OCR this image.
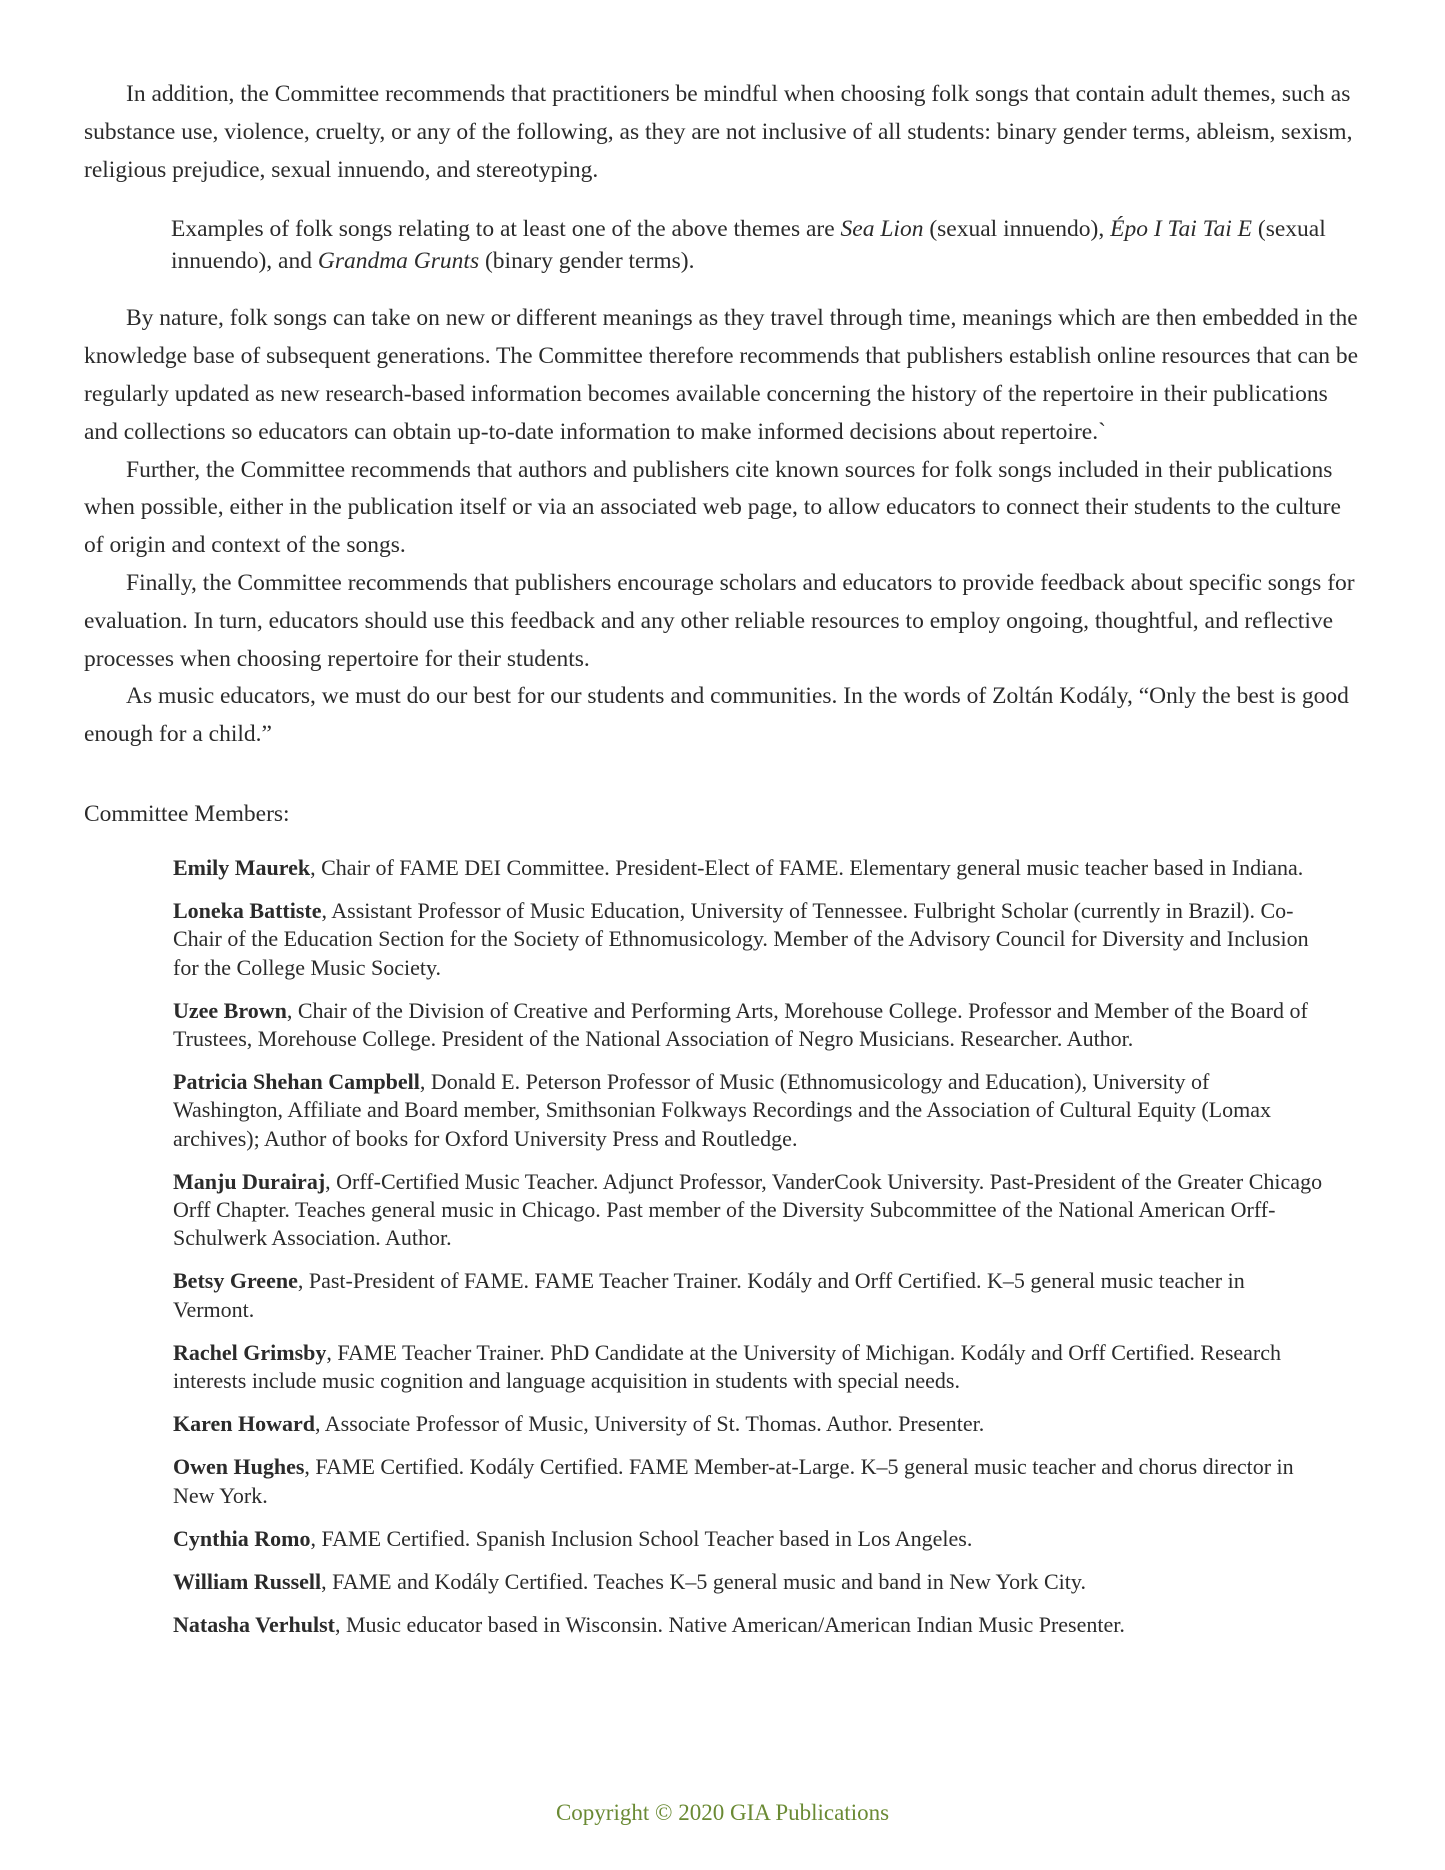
In addition, the Committee recommends that practitioners be mindful when choosing folk songs that contain adult themes, such as substance use, violence, cruelty, or any of the following, as they are not inclusive of all students: binary gender terms, ableism, sexism, religious prejudice, sexual innuendo, and stereotyping.

Examples of folk songs relating to at least one of the above themes are Sea Lion (sexual innuendo), Épo I Tai Tai E (sexual innuendo), and Grandma Grunts (binary gender terms).

By nature, folk songs can take on new or different meanings as they travel through time, meanings which are then embedded in the knowledge base of subsequent generations. The Committee therefore recommends that publishers establish online resources that can be regularly updated as new research-based information becomes available concerning the history of the repertoire in their publications and collections so educators can obtain up-to-date information to make informed decisions about repertoire.`

Further, the Committee recommends that authors and publishers cite known sources for folk songs included in their publications when possible, either in the publication itself or via an associated web page, to allow educators to connect their students to the culture of origin and context of the songs.

Finally, the Committee recommends that publishers encourage scholars and educators to provide feedback about specific songs for evaluation. In turn, educators should use this feedback and any other reliable resources to employ ongoing, thoughtful, and reflective processes when choosing repertoire for their students.

As music educators, we must do our best for our students and communities. In the words of Zoltán Kodály, “Only the best is good enough for a child.”

Committee Members:

Emily Maurek, Chair of FAME DEI Committee. President-Elect of FAME. Elementary general music teacher based in Indiana.

Loneka Battiste, Assistant Professor of Music Education, University of Tennessee. Fulbright Scholar (currently in Brazil). Co-Chair of the Education Section for the Society of Ethnomusicology. Member of the Advisory Council for Diversity and Inclusion for the College Music Society.

Uzee Brown, Chair of the Division of Creative and Performing Arts, Morehouse College. Professor and Member of the Board of Trustees, Morehouse College. President of the National Association of Negro Musicians. Researcher. Author.

Patricia Shehan Campbell, Donald E. Peterson Professor of Music (Ethnomusicology and Education), University of Washington, Affiliate and Board member, Smithsonian Folkways Recordings and the Association of Cultural Equity (Lomax archives); Author of books for Oxford University Press and Routledge.

Manju Durairaj, Orff-Certified Music Teacher. Adjunct Professor, VanderCook University. Past-President of the Greater Chicago Orff Chapter. Teaches general music in Chicago. Past member of the Diversity Subcommittee of the National American Orff-Schulwerk Association. Author.

Betsy Greene, Past-President of FAME. FAME Teacher Trainer. Kodály and Orff Certified. K–5 general music teacher in Vermont.

Rachel Grimsby, FAME Teacher Trainer. PhD Candidate at the University of Michigan. Kodály and Orff Certified. Research interests include music cognition and language acquisition in students with special needs.

Karen Howard, Associate Professor of Music, University of St. Thomas. Author. Presenter.

Owen Hughes, FAME Certified. Kodály Certified. FAME Member-at-Large. K–5 general music teacher and chorus director in New York.

Cynthia Romo, FAME Certified. Spanish Inclusion School Teacher based in Los Angeles.

William Russell, FAME and Kodály Certified. Teaches K–5 general music and band in New York City.

Natasha Verhulst, Music educator based in Wisconsin. Native American/American Indian Music Presenter.

Copyright © 2020 GIA Publications
